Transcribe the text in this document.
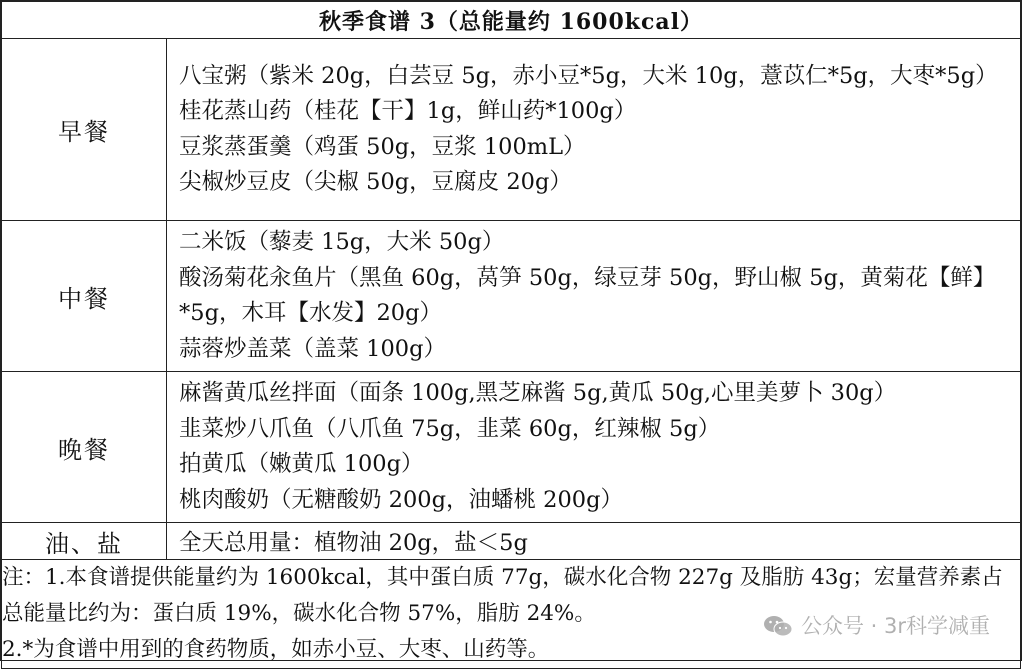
秋季食谱 3（总能量约 1600kcal）	
早餐	八宝粥（紫米 20g，白芸豆 5g，赤小豆*5g，大米 10g，薏苡仁*5g，大枣*5g）
桂花蒸山药（桂花【干】1g，鲜山药*100g）
豆浆蒸蛋羹（鸡蛋 50g，豆浆 100mL）
尖椒炒豆皮（尖椒 50g，豆腐皮 20g）

中餐	二米饭（藜麦 15g，大米 50g）
酸汤菊花汆鱼片（黑鱼 60g，莴笋 50g，绿豆芽 50g，野山椒 5g，黄菊花【鲜】*5g，木耳【水发】20g）
蒜蓉炒盖菜（盖菜 100g）

晚餐	麻酱黄瓜丝拌面（面条 100g,黑芝麻酱 5g,黄瓜 50g,心里美萝卜 30g）
韭菜炒八爪鱼（八爪鱼 75g，韭菜 60g，红辣椒 5g）
拍黄瓜（嫩黄瓜 100g）
桃肉酸奶（无糖酸奶 200g，油蟠桃 200g）

油、盐	全天总用量：植物油 20g，盐＜5g

注：1.本食谱提供能量约为 1600kcal，其中蛋白质 77g，碳水化合物 227g 及脂肪 43g；宏量营养素占总能量比约为：蛋白质 19%，碳水化合物 57%，脂肪 24%。
2.*为食谱中用到的食药物质，如赤小豆、大枣、山药等。
公众号 · 3r科学减重	
